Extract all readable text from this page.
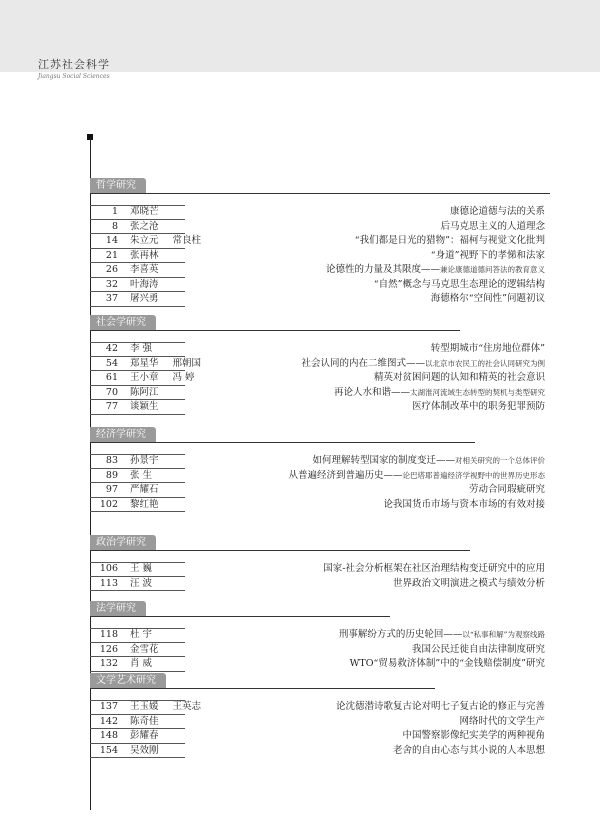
江苏社会科学
Jiangsu Social Sciences
哲学研究
1 邓晓芒	康德论道德与法的关系
8 张之沧	后马克思主义的人道理念
14 朱立元 常良柱	“我们都是日光的猎物”：福柯与视觉文化批判
21 张再林	“身道”视野下的孝悌和法家
26 李喜英	论德性的力量及其限度——兼论康德道德问答法的教育意义
32 叶海涛	“自然”概念与马克思生态理论的逻辑结构
37 屠兴勇	海德格尔“空间性”问题初议
社会学研究
42 李 强	转型期城市“住房地位群体”
54 郑星华 邢朝国	社会认同的内在二维图式——以北京市农民工的社会认同研究为例
61 王小章 冯 婷	精英对贫困问题的认知和精英的社会意识
70 陈阿江	再论人水和谐——太湖淮河流域生态转型的契机与类型研究
77 谈颖生	医疗体制改革中的职务犯罪预防
经济学研究
83 孙景宇	如何理解转型国家的制度变迁——对相关研究的一个总体评价
89 张 生	从普遍经济到普遍历史——论巴塔耶普遍经济学视野中的世界历史形态
97 严耀石	劳动合同瑕疵研究
102 黎红艳	论我国货币市场与资本市场的有效对接
政治学研究
106 王 巍	国家-社会分析框架在社区治理结构变迁研究中的应用
113 汪 波	世界政治文明演进之模式与绩效分析
法学研究
118 杜 宇	刑事解纷方式的历史轮回——以“私事和解”为观察线路
126 金雪花	我国公民迁徙自由法律制度研究
132 肖 威	WTO“贸易救济体制”中的“金钱赔偿制度”研究
文学艺术研究
137 王玉媛 王英志	论沈德潜诗歌复古论对明七子复古论的修正与完善
142 陈奇佳	网络时代的文学生产
148 彭耀春	中国警察影像纪实美学的两种视角
154 吴效刚	老舍的自由心态与其小说的人本思想
